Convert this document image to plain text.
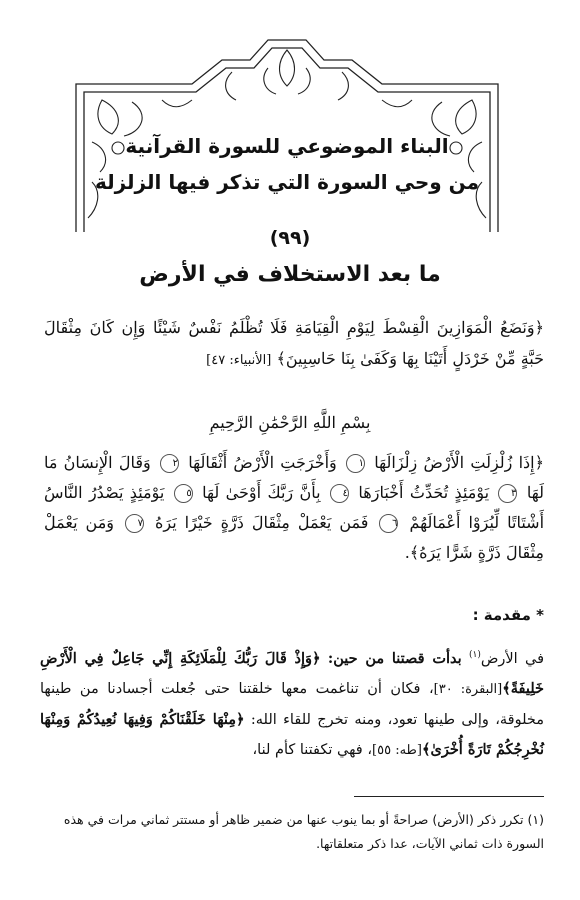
البناء الموضوعي للسورة القرآنية
من وحي السورة التي تذكر فيها الزلزلة
(٩٩)
ما بعد الاستخلاف في الأرض
﴿وَنَضَعُ الْمَوَازِينَ الْقِسْطَ لِيَوْمِ الْقِيَامَةِ فَلَا تُظْلَمُ نَفْسٌ شَيْئًا وَإِن كَانَ مِثْقَالَ حَبَّةٍ مِّنْ خَرْدَلٍ أَتَيْنَا بِهَا وَكَفَىٰ بِنَا حَاسِبِينَ﴾ [الأنبياء: ٤٧]
بِسْمِ اللَّهِ الرَّحْمَٰنِ الرَّحِيمِ
﴿إِذَا زُلْزِلَتِ الْأَرْضُ زِلْزَالَهَا ١ وَأَخْرَجَتِ الْأَرْضُ أَثْقَالَهَا ٢ وَقَالَ الْإِنسَانُ مَا لَهَا ٣ يَوْمَئِذٍ تُحَدِّثُ أَخْبَارَهَا ٤ بِأَنَّ رَبَّكَ أَوْحَىٰ لَهَا ٥ يَوْمَئِذٍ يَصْدُرُ النَّاسُ أَشْتَاتًا لِّيُرَوْا أَعْمَالَهُمْ ٦ فَمَن يَعْمَلْ مِثْقَالَ ذَرَّةٍ خَيْرًا يَرَهُ ٧ وَمَن يَعْمَلْ مِثْقَالَ ذَرَّةٍ شَرًّا يَرَهُ﴾.
* مقدمة :
في الأرض$^{(١)}$ بدأت قصتنا من حين: ﴿وَإِذْ قَالَ رَبُّكَ لِلْمَلَائِكَةِ إِنِّي جَاعِلٌ فِي الْأَرْضِ خَلِيفَةً﴾[البقرة: ٣٠]، فكان أن تناغمت معها خلقتنا حتى جُعلت أجسادنا من طينها مخلوقة، وإلى طينها تعود، ومنه تخرج للقاء الله: ﴿مِنْهَا خَلَقْنَاكُمْ وَفِيهَا نُعِيدُكُمْ وَمِنْهَا نُخْرِجُكُمْ تَارَةً أُخْرَىٰ﴾[طه: ٥٥]، فهي تكفتنا كأم لنا،
(١) تكرر ذكر (الأرض) صراحةً أو بما ينوب عنها من ضمير ظاهر أو مستتر ثماني مرات في هذه السورة ذات ثماني الآيات، عدا ذكر متعلقاتها.
